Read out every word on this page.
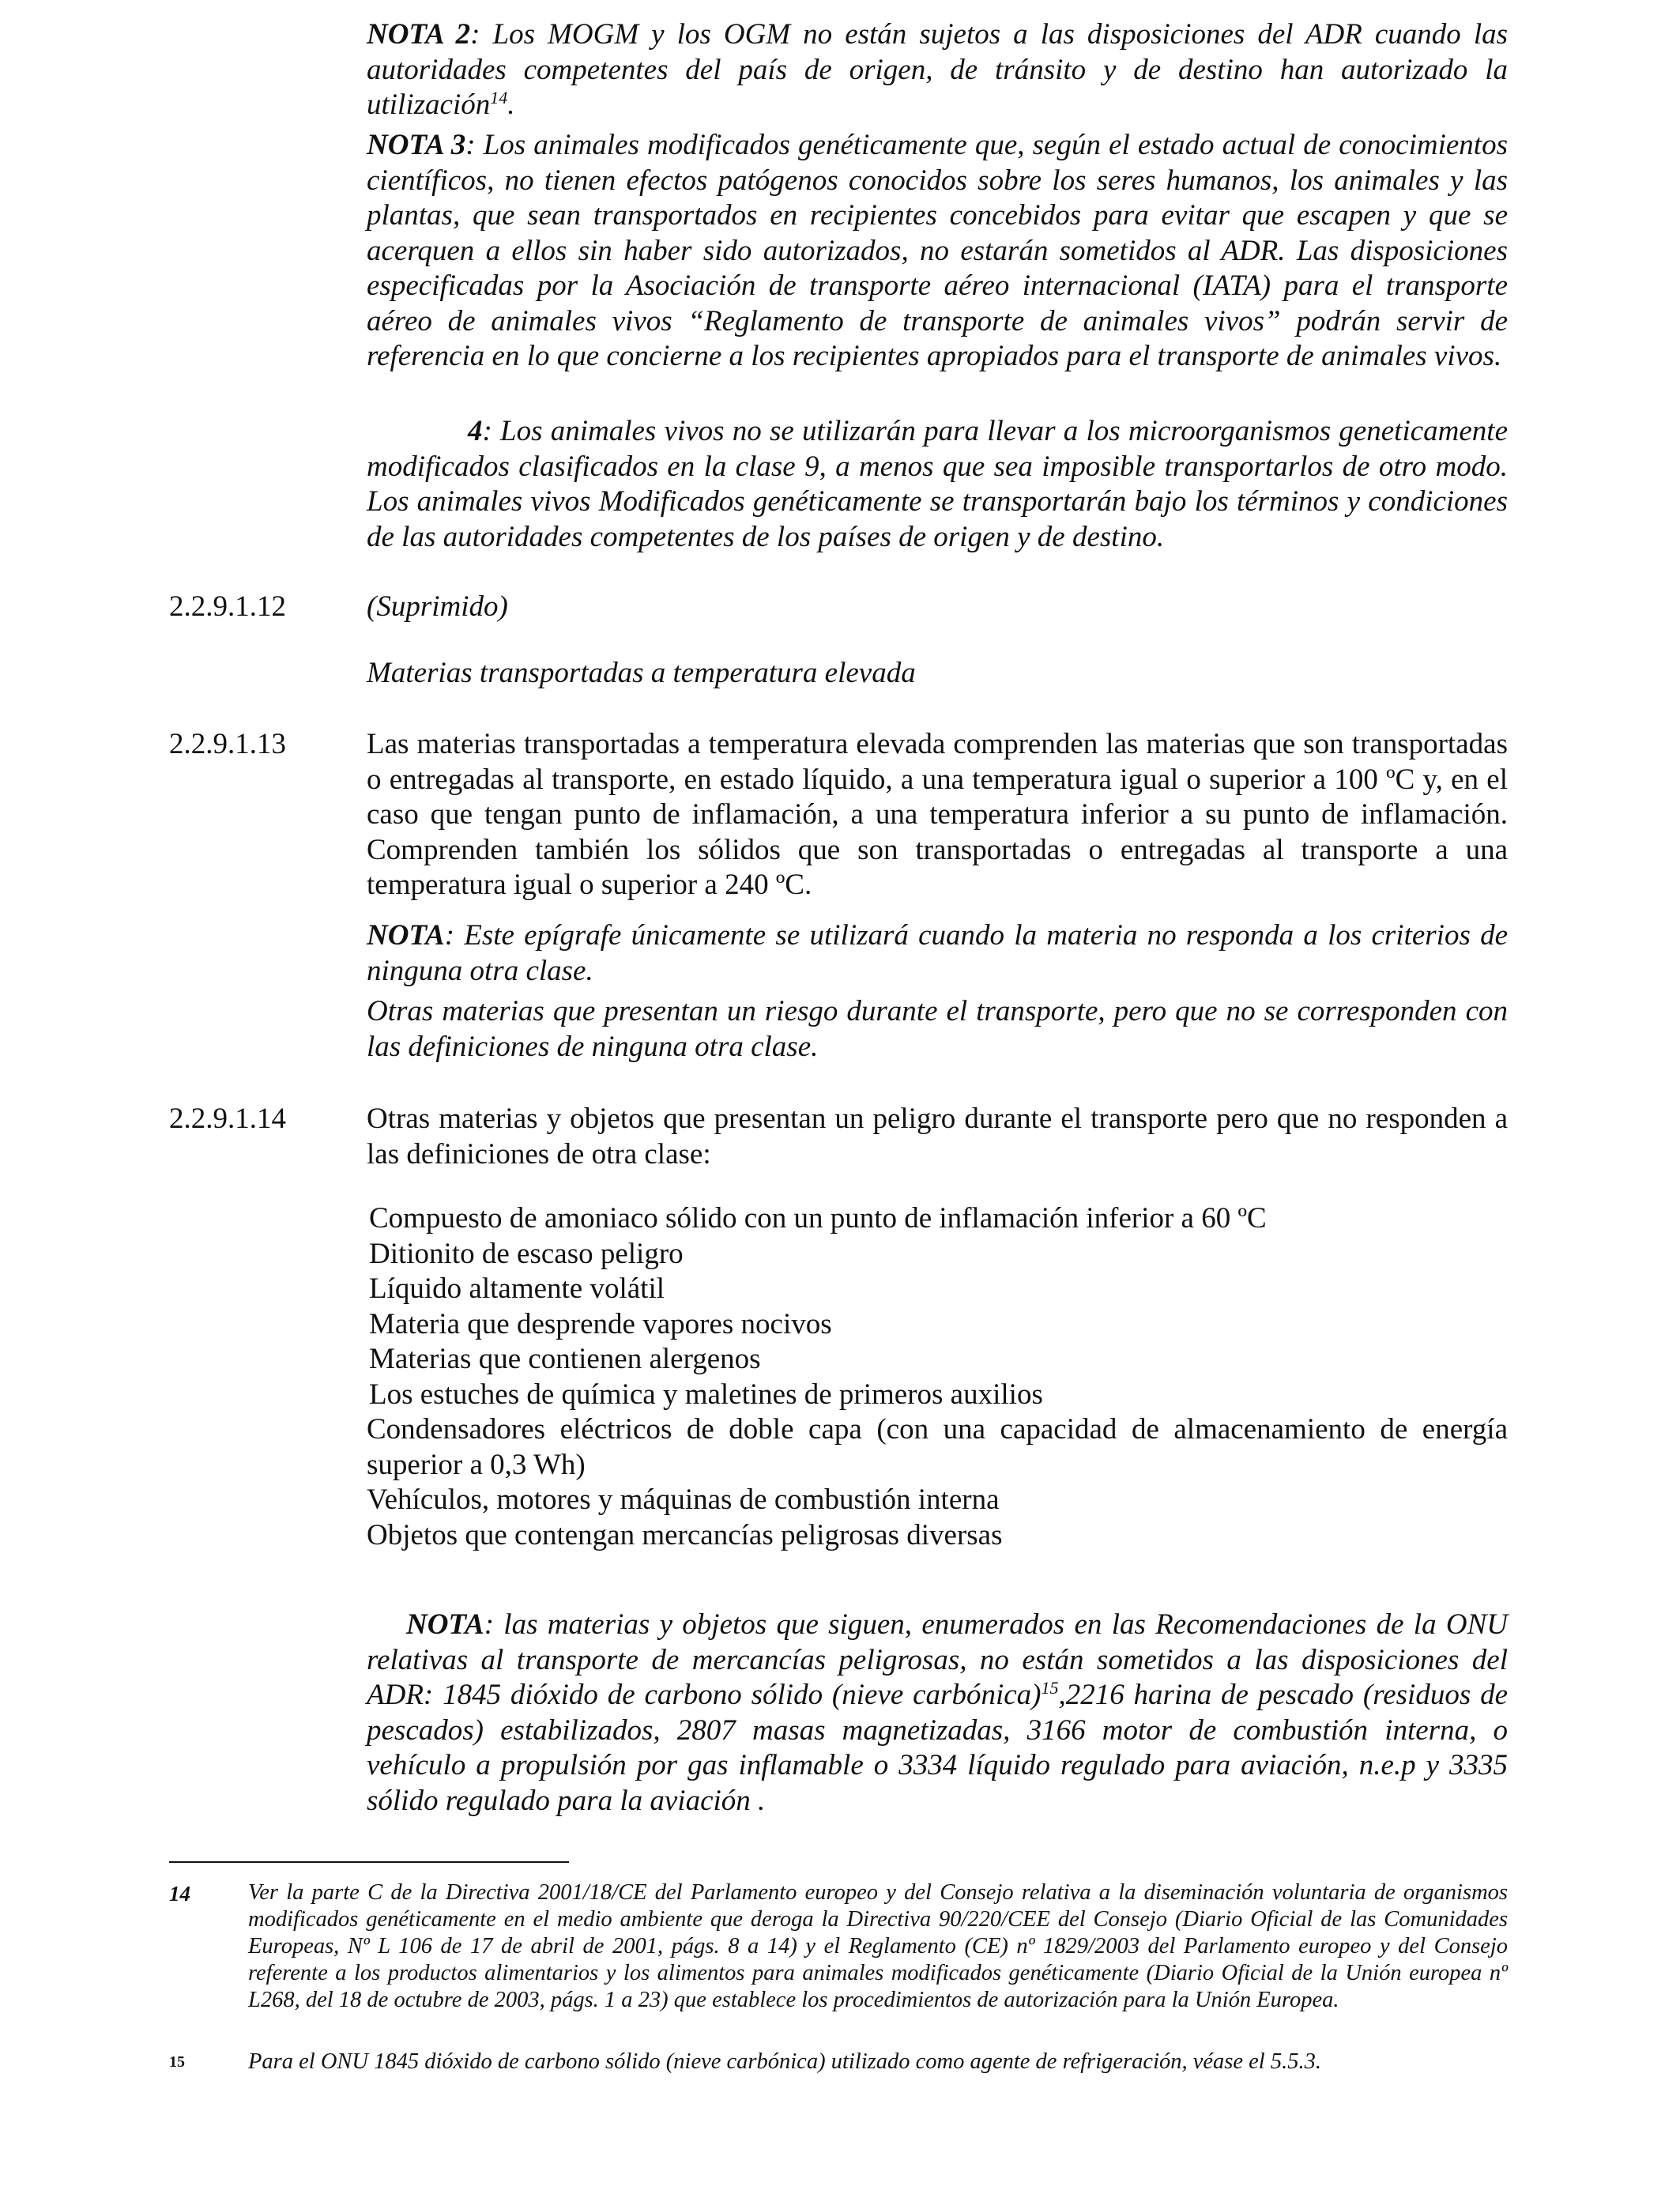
NOTA 2: Los MOGM y los OGM no están sujetos a las disposiciones del ADR cuando las autoridades competentes del país de origen, de tránsito y de destino han autorizado la utilización$^{14}$.
NOTA 3: Los animales modificados genéticamente que, según el estado actual de conocimientos científicos, no tienen efectos patógenos conocidos sobre los seres humanos, los animales y las plantas, que sean transportados en recipientes concebidos para evitar que escapen y que se acerquen a ellos sin haber sido autorizados, no estarán sometidos al ADR. Las disposiciones especificadas por la Asociación de transporte aéreo internacional (IATA) para el transporte aéreo de animales vivos “Reglamento de transporte de animales vivos” podrán servir de referencia en lo que concierne a los recipientes apropiados para el transporte de animales vivos.
4: Los animales vivos no se utilizarán para llevar a los microorganismos geneticamente modificados clasificados en la clase 9, a menos que sea imposible transportarlos de otro modo. Los animales vivos Modificados genéticamente se transportarán bajo los términos y condiciones de las autoridades competentes de los países de origen y de destino.
2.2.9.1.12	(Suprimido)
Materias transportadas a temperatura elevada
2.2.9.1.13	Las materias transportadas a temperatura elevada comprenden las materias que son transportadas o entregadas al transporte, en estado líquido, a una temperatura igual o superior a 100 ºC y, en el caso que tengan punto de inflamación, a una temperatura inferior a su punto de inflamación. Comprenden también los sólidos que son transportadas o entregadas al transporte a una temperatura igual o superior a 240 ºC.
NOTA: Este epígrafe únicamente se utilizará cuando la materia no responda a los criterios de ninguna otra clase.
Otras materias que presentan un riesgo durante el transporte, pero que no se corresponden con las definiciones de ninguna otra clase.
2.2.9.1.14	Otras materias y objetos que presentan un peligro durante el transporte pero que no responden a las definiciones de otra clase:
Compuesto de amoniaco sólido con un punto de inflamación inferior a 60 ºC
Ditionito de escaso peligro
Líquido altamente volátil
Materia que desprende vapores nocivos
Materias que contienen alergenos
Los estuches de química y maletines de primeros auxilios
Condensadores eléctricos de doble capa (con una capacidad de almacenamiento de energía superior a 0,3 Wh)
Vehículos, motores y máquinas de combustión interna
Objetos que contengan mercancías peligrosas diversas
NOTA: las materias y objetos que siguen, enumerados en las Recomendaciones de la ONU relativas al transporte de mercancías peligrosas, no están sometidos a las disposiciones del ADR: 1845 dióxido de carbono sólido (nieve carbónica)$^{15}$,2216 harina de pescado (residuos de pescados) estabilizados, 2807 masas magnetizadas, 3166 motor de combustión interna, o vehículo a propulsión por gas inflamable o 3334 líquido regulado para aviación, n.e.p y 3335 sólido regulado para la aviación .
14	Ver la parte C de la Directiva 2001/18/CE del Parlamento europeo y del Consejo relativa a la diseminación voluntaria de organismos modificados genéticamente en el medio ambiente que deroga la Directiva 90/220/CEE del Consejo (Diario Oficial de las Comunidades Europeas, Nº L 106 de 17 de abril de 2001, págs. 8 a 14) y el Reglamento (CE) nº 1829/2003 del Parlamento europeo y del Consejo referente a los productos alimentarios y los alimentos para animales modificados genéticamente (Diario Oficial de la Unión europea nº L268, del 18 de octubre de 2003, págs. 1 a 23) que establece los procedimientos de autorización para la Unión Europea.
15	Para el ONU 1845 dióxido de carbono sólido (nieve carbónica) utilizado como agente de refrigeración, véase el 5.5.3.
